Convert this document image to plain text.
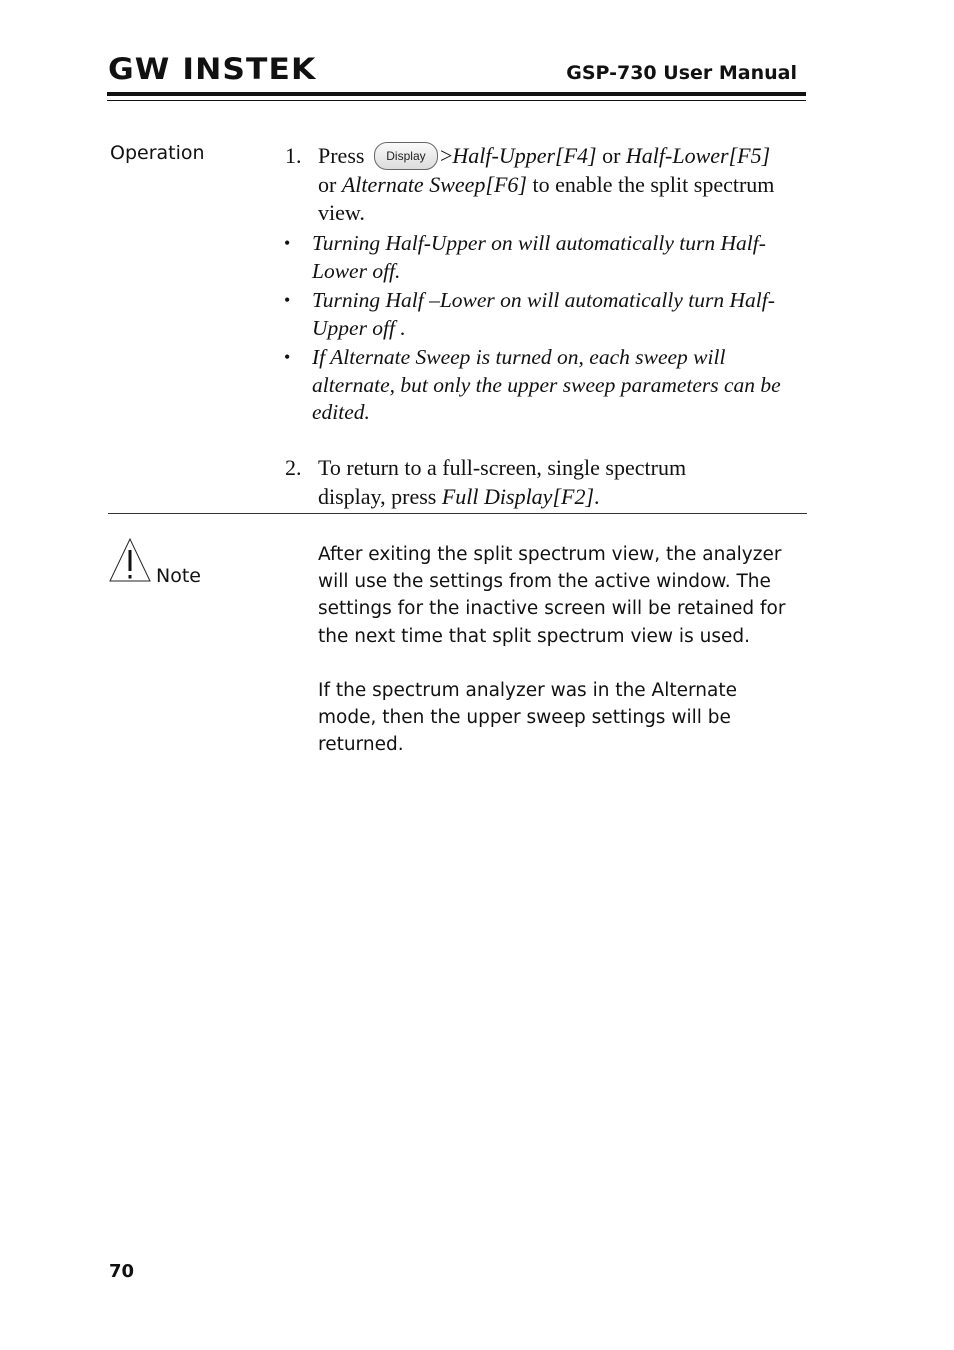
GW INSTEK	GSP-730 User Manual
Operation	1. Press Display >Half-Upper[F4] or Half-Lower[F5]
or Alternate Sweep[F6] to enable the split spectrum view.
• Turning Half-Upper on will automatically turn Half-Lower off.
• Turning Half –Lower on will automatically turn Half-Upper off .
• If Alternate Sweep is turned on, each sweep will alternate, but only the upper sweep parameters can be edited.
2. To return to a full-screen, single spectrum display, press Full Display[F2].
Note
After exiting the split spectrum view, the analyzer will use the settings from the active window. The settings for the inactive screen will be retained for the next time that split spectrum view is used.
If the spectrum analyzer was in the Alternate mode, then the upper sweep settings will be returned.
70
